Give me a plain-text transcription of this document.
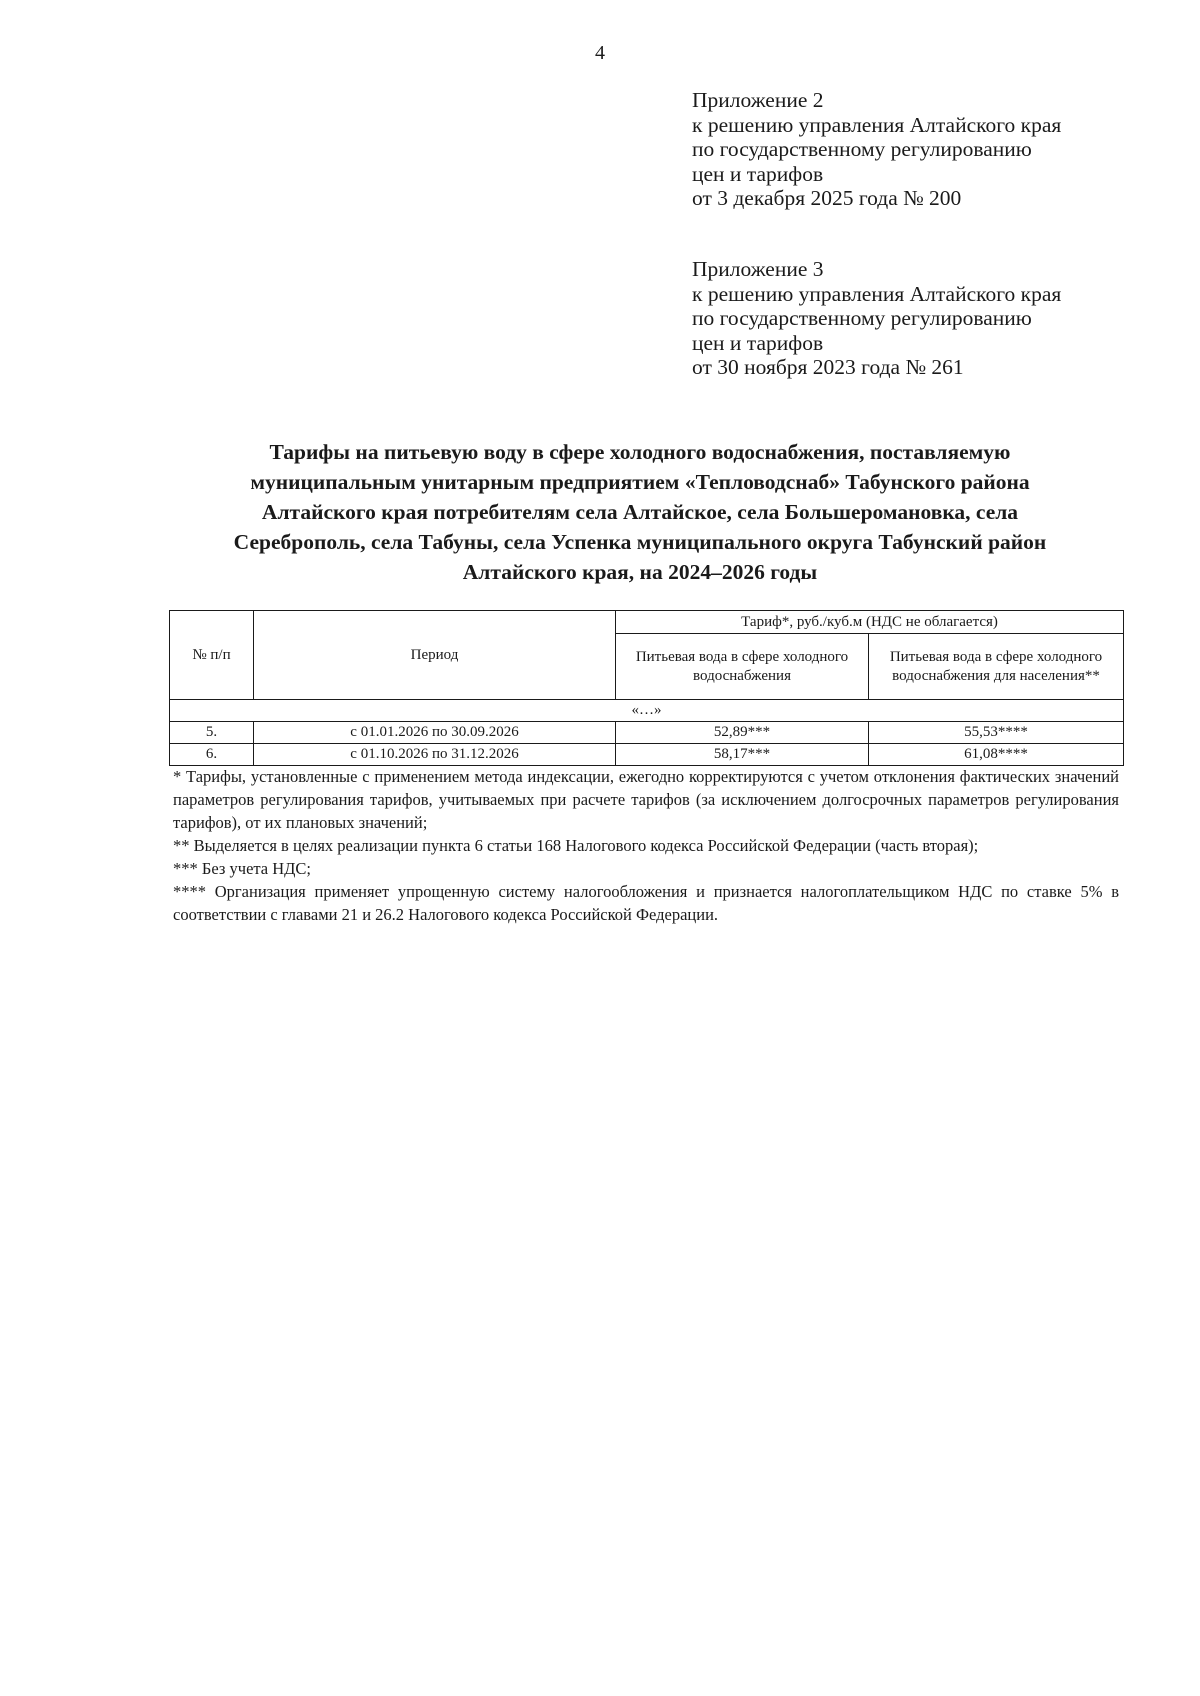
4
Приложение 2
к решению управления Алтайского края
по государственному регулированию
цен и тарифов
от 3 декабря 2025 года № 200
Приложение 3
к решению управления Алтайского края
по государственному регулированию
цен и тарифов
от 30 ноября 2023 года № 261
Тарифы на питьевую воду в сфере холодного водоснабжения, поставляемую
муниципальным унитарным предприятием «Тепловодснаб» Табунского района
Алтайского края потребителям села Алтайское, села Большеромановка, села
Сереброполь, села Табуны, села Успенка муниципального округа Табунский район
Алтайского края, на 2024–2026 годы
№ п/п	Период	Тариф*, руб./куб.м (НДС не облагается)	
		Питьевая вода в сфере холодного водоснабжения	Питьевая вода в сфере холодного водоснабжения для населения**
«…»			
5.	с 01.01.2026 по 30.09.2026	52,89***	55,53****
6.	с 01.10.2026 по 31.12.2026	58,17***	61,08****

* Тарифы, установленные с применением метода индексации, ежегодно корректируются с учетом отклонения фактических значений параметров регулирования тарифов, учитываемых при расчете тарифов (за исключением долгосрочных параметров регулирования тарифов), от их плановых значений;

** Выделяется в целях реализации пункта 6 статьи 168 Налогового кодекса Российской Федерации (часть вторая);

*** Без учета НДС;

**** Организация применяет упрощенную систему налогообложения и признается налогоплательщиком НДС по ставке 5% в соответствии с главами 21 и 26.2 Налогового кодекса Российской Федерации.
